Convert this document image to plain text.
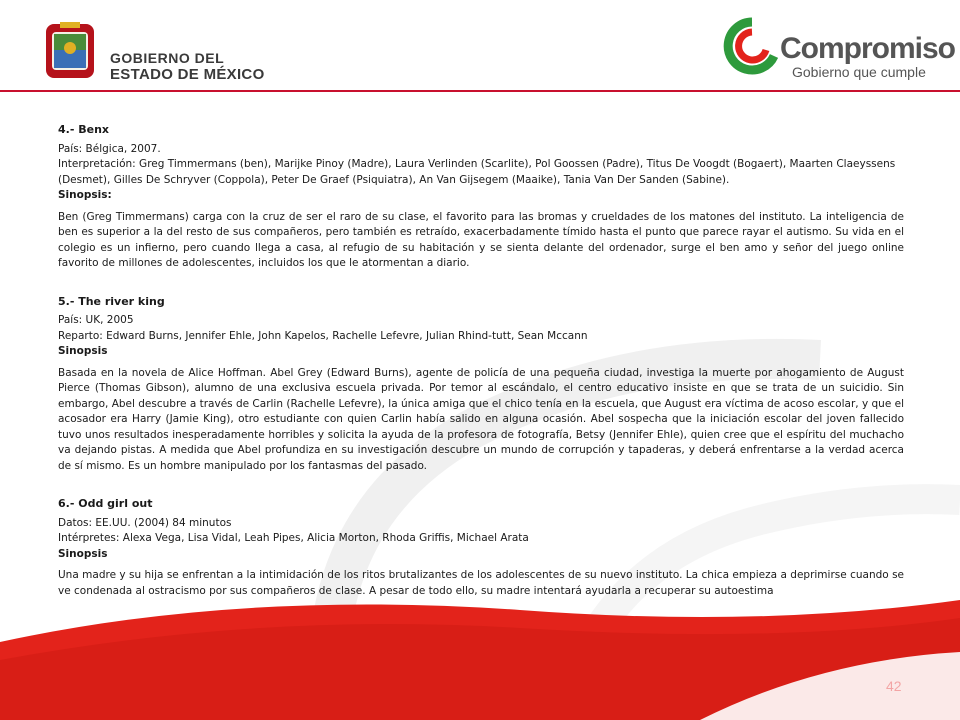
GOBIERNO DEL
ESTADO DE MÉXICO
Compromiso
Gobierno que cumple

4.- Benx

País: Bélgica, 2007.

Interpretación: Greg Timmermans (ben), Marijke Pinoy (Madre), Laura Verlinden (Scarlite), Pol Goossen (Padre), Titus De Voogdt (Bogaert), Maarten Claeyssens (Desmet), Gilles De Schryver (Coppola), Peter De Graef (Psiquiatra), An Van Gijsegem (Maaike), Tania Van Der Sanden (Sabine).

Sinopsis:

Ben (Greg Timmermans) carga con la cruz de ser el raro de su clase, el favorito para las bromas y crueldades de los matones del instituto. La inteligencia de ben es superior a la del resto de sus compañeros, pero también es retraído, exacerbadamente tímido hasta el punto que parece rayar el autismo. Su vida en el colegio es un infierno, pero cuando llega a casa, al refugio de su habitación y se sienta delante del ordenador, surge el ben amo y señor del juego online favorito de millones de adolescentes, incluidos los que le atormentan a diario.

5.- The river king

País: UK, 2005

Reparto: Edward Burns, Jennifer Ehle, John Kapelos, Rachelle Lefevre, Julian Rhind-tutt, Sean Mccann

Sinopsis

Basada en la novela de Alice Hoffman. Abel Grey (Edward Burns), agente de policía de una pequeña ciudad, investiga la muerte por ahogamiento de August Pierce (Thomas Gibson), alumno de una exclusiva escuela privada. Por temor al escándalo, el centro educativo insiste en que se trata de un suicidio. Sin embargo, Abel descubre a través de Carlin (Rachelle Lefevre), la única amiga que el chico tenía en la escuela, que August era víctima de acoso escolar, y que el acosador era Harry (Jamie King), otro estudiante con quien Carlin había salido en alguna ocasión. Abel sospecha que la iniciación escolar del joven fallecido tuvo unos resultados inesperadamente horribles y solicita la ayuda de la profesora de fotografía, Betsy (Jennifer Ehle), quien cree que el espíritu del muchacho va dejando pistas. A medida que Abel profundiza en su investigación descubre un mundo de corrupción y tapaderas, y deberá enfrentarse a la verdad acerca de sí mismo. Es un hombre manipulado por los fantasmas del pasado.

6.- Odd girl out

Datos: EE.UU. (2004) 84 minutos

Intérpretes: Alexa Vega, Lisa Vidal, Leah Pipes, Alicia Morton, Rhoda Griffis, Michael Arata

Sinopsis

Una madre y su hija se enfrentan a la intimidación de los ritos brutalizantes de los adolescentes de su nuevo instituto. La chica empieza a deprimirse cuando se ve condenada al ostracismo por sus compañeros de clase. A pesar de todo ello, su madre intentará ayudarla a recuperar su autoestima

42
